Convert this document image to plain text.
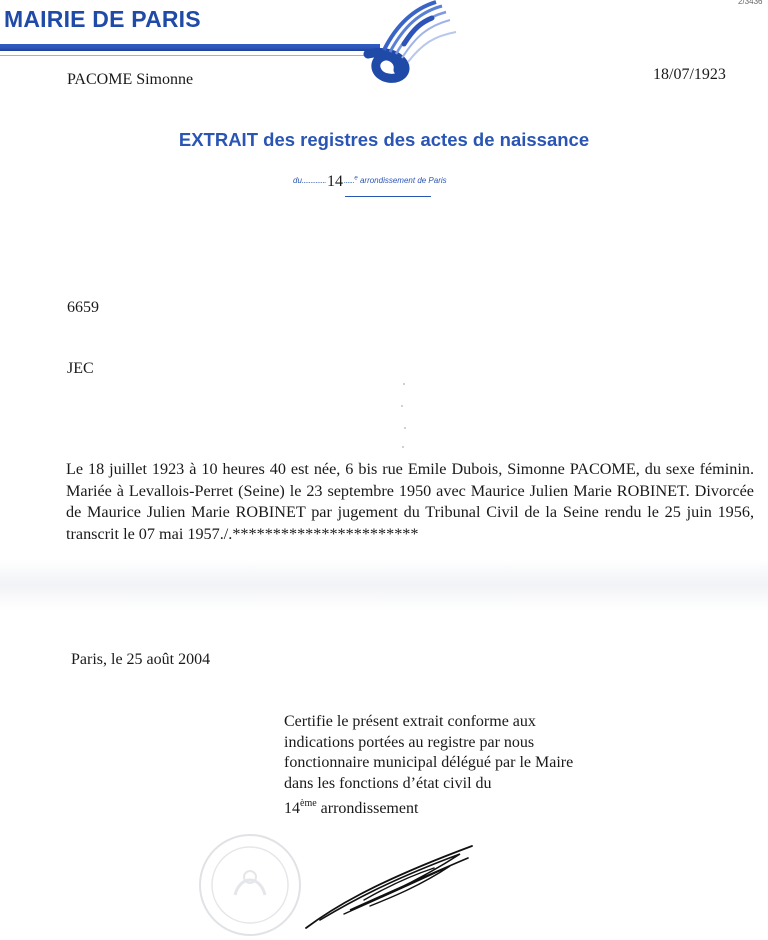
2/3436
MAIRIE DE PARIS
PACOME Simonne	18/07/1923
EXTRAIT des registres des actes de naissance
du..............14......$^e$ arrondissement de Paris
6659
JEC
Le 18 juillet 1923 à 10 heures 40 est née, 6 bis rue Emile Dubois, Simonne PACOME, du sexe féminin. Mariée à Levallois-Perret (Seine) le 23 septembre 1950 avec Maurice Julien Marie ROBINET. Divorcée de Maurice Julien Marie ROBINET par jugement du Tribunal Civil de la Seine rendu le 25 juin 1956, transcrit le 07 mai 1957./.***********************
Paris, le 25 août 2004
Certifie le présent extrait conforme aux indications portées au registre par nous fonctionnaire municipal délégué par le Maire dans les fonctions d’état civil du
14ème arrondissement
